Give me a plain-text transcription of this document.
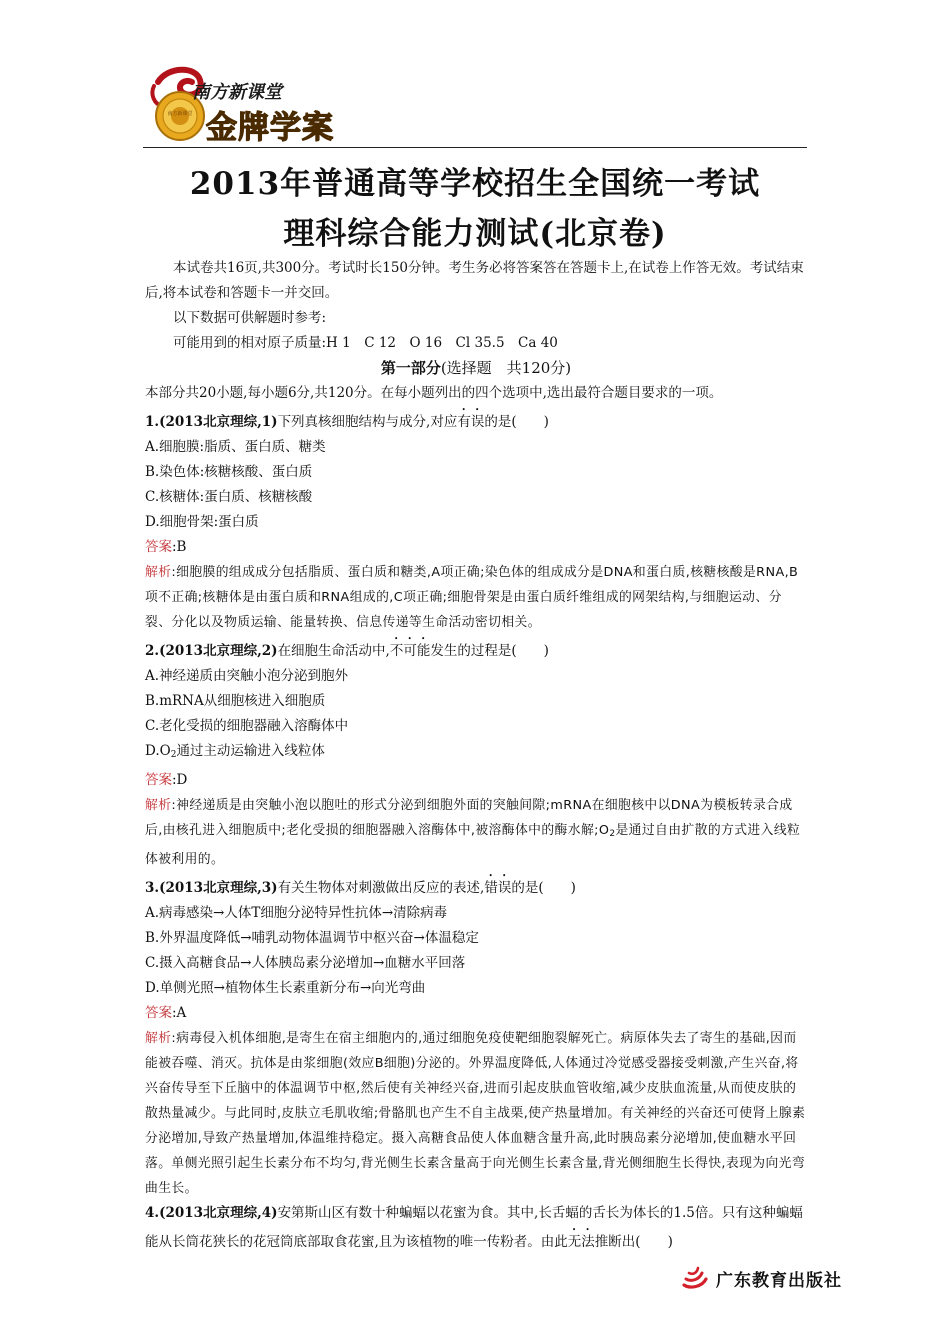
南方新课堂
南方新课堂
金牌学案
2013年普通高等学校招生全国统一考试
理科综合能力测试(北京卷)

本试卷共16页,共300分。考试时长150分钟。考生务必将答案答在答题卡上,在试卷上作答无效。考试结束后,将本试卷和答题卡一并交回。

以下数据可供解题时参考:

可能用到的相对原子质量:H 1　C 12　O 16　Cl 35.5　Ca 40

第一部分(选择题　共120分)

本部分共20小题,每小题6分,共120分。在每小题列出的四个选项中,选出最符合题目要求的一项。

1.(2013北京理综,1)下列真核细胞结构与成分,对应有误的是(　　)

A.细胞膜:脂质、蛋白质、糖类

B.染色体:核糖核酸、蛋白质

C.核糖体:蛋白质、核糖核酸

D.细胞骨架:蛋白质

答案:B

解析:细胞膜的组成成分包括脂质、蛋白质和糖类,A项正确;染色体的组成成分是DNA和蛋白质,核糖核酸是RNA,B项不正确;核糖体是由蛋白质和RNA组成的,C项正确;细胞骨架是由蛋白质纤维组成的网架结构,与细胞运动、分裂、分化以及物质运输、能量转换、信息传递等生命活动密切相关。

2.(2013北京理综,2)在细胞生命活动中,不可能发生的过程是(　　)

A.神经递质由突触小泡分泌到胞外

B.mRNA从细胞核进入细胞质

C.老化受损的细胞器融入溶酶体中

$D.O_2$通过主动运输进入线粒体

答案:D

解析:神经递质是由突触小泡以胞吐的形式分泌到细胞外面的突触间隙;mRNA在细胞核中以DNA为模板转录合成后,由核孔进入细胞质中;老化受损的细胞器融入溶酶体中,被溶酶体中的酶水解$;O_2$是通过自由扩散的方式进入线粒体被利用的。

3.(2013北京理综,3)有关生物体对刺激做出反应的表述,错误的是(　　)

A.病毒感染→人体T细胞分泌特异性抗体→清除病毒

B.外界温度降低→哺乳动物体温调节中枢兴奋→体温稳定

C.摄入高糖食品→人体胰岛素分泌增加→血糖水平回落

D.单侧光照→植物体生长素重新分布→向光弯曲

答案:A

解析:病毒侵入机体细胞,是寄生在宿主细胞内的,通过细胞免疫使靶细胞裂解死亡。病原体失去了寄生的基础,因而能被吞噬、消灭。抗体是由浆细胞(效应B细胞)分泌的。外界温度降低,人体通过冷觉感受器接受刺激,产生兴奋,将兴奋传导至下丘脑中的体温调节中枢,然后使有关神经兴奋,进而引起皮肤血管收缩,减少皮肤血流量,从而使皮肤的散热量减少。与此同时,皮肤立毛肌收缩;骨骼肌也产生不自主战栗,使产热量增加。有关神经的兴奋还可使肾上腺素分泌增加,导致产热量增加,体温维持稳定。摄入高糖食品使人体血糖含量升高,此时胰岛素分泌增加,使血糖水平回落。单侧光照引起生长素分布不均匀,背光侧生长素含量高于向光侧生长素含量,背光侧细胞生长得快,表现为向光弯曲生长。

4.(2013北京理综,4)安第斯山区有数十种蝙蝠以花蜜为食。其中,长舌蝠的舌长为体长的1.5倍。只有这种蝙蝠能从长筒花狭长的花冠筒底部取食花蜜,且为该植物的唯一传粉者。由此无法推断出(　　)

广东教育出版社
